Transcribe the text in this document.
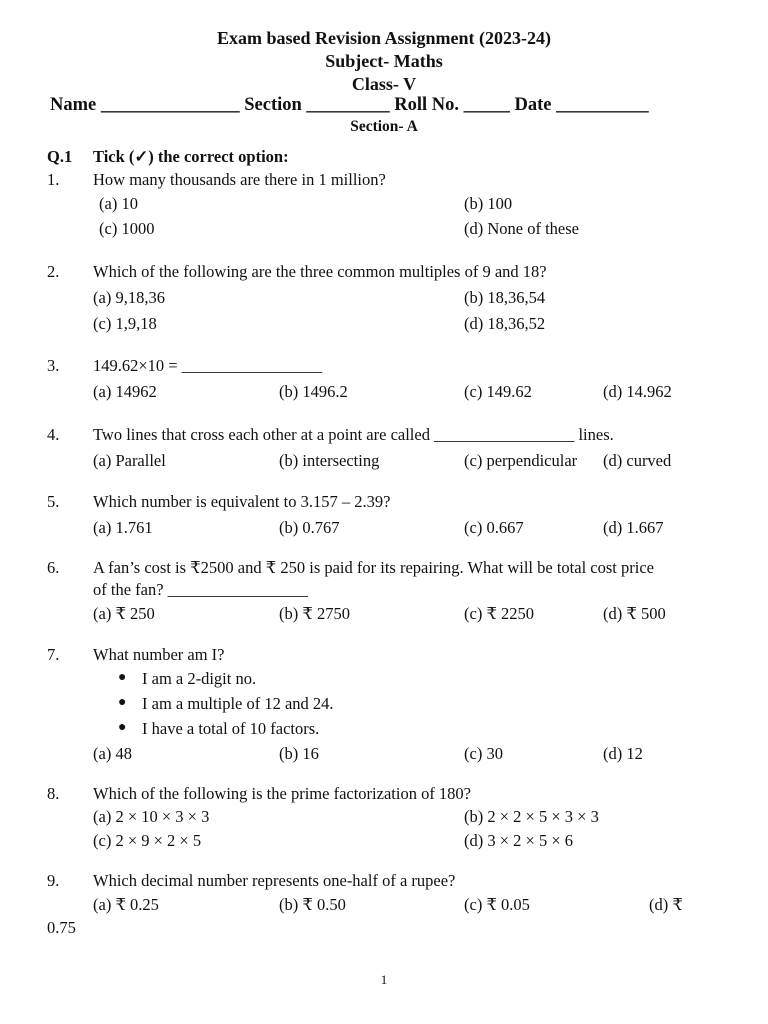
Exam based Revision Assignment (2023-24)
Subject- Maths
Class- V
Name _______________ Section _________ Roll No. _____ Date __________
Section- A
Q.1 Tick (✓) the correct option:
1. How many thousands are there in 1 million?
(a) 10	(b) 100
(c) 1000	(d) None of these
2. Which of the following are the three common multiples of 9 and 18?
(a) 9,18,36	(b) 18,36,54
(c) 1,9,18	(d) 18,36,52
3. 149.62×10 = _________________
(a) 14962	(b) 1496.2	(c) 149.62	(d) 14.962
4. Two lines that cross each other at a point are called _________________ lines.
(a) Parallel	(b) intersecting	(c) perpendicular (d) curved
5. Which number is equivalent to 3.157 – 2.39?
(a) 1.761	(b) 0.767	(c) 0.667	(d) 1.667
6. A fan’s cost is ₹2500 and ₹ 250 is paid for its repairing. What will be total cost price
of the fan? _________________
(a) ₹ 250	(b) ₹ 2750	(c) ₹ 2250	(d) ₹ 500
7. What number am I?
● I am a 2-digit no.
● I am a multiple of 12 and 24.
● I have a total of 10 factors.
(a) 48	(b) 16	(c) 30	(d) 12
8. Which of the following is the prime factorization of 180?
(a) 2 × 10 × 3 × 3	(b) 2 × 2 × 5 × 3 × 3
(c) 2 × 9 × 2 × 5	(d) 3 × 2 × 5 × 6
9. Which decimal number represents one-half of a rupee?
(a) ₹ 0.25	(b) ₹ 0.50	(c) ₹ 0.05	(d) ₹
0.75
1
